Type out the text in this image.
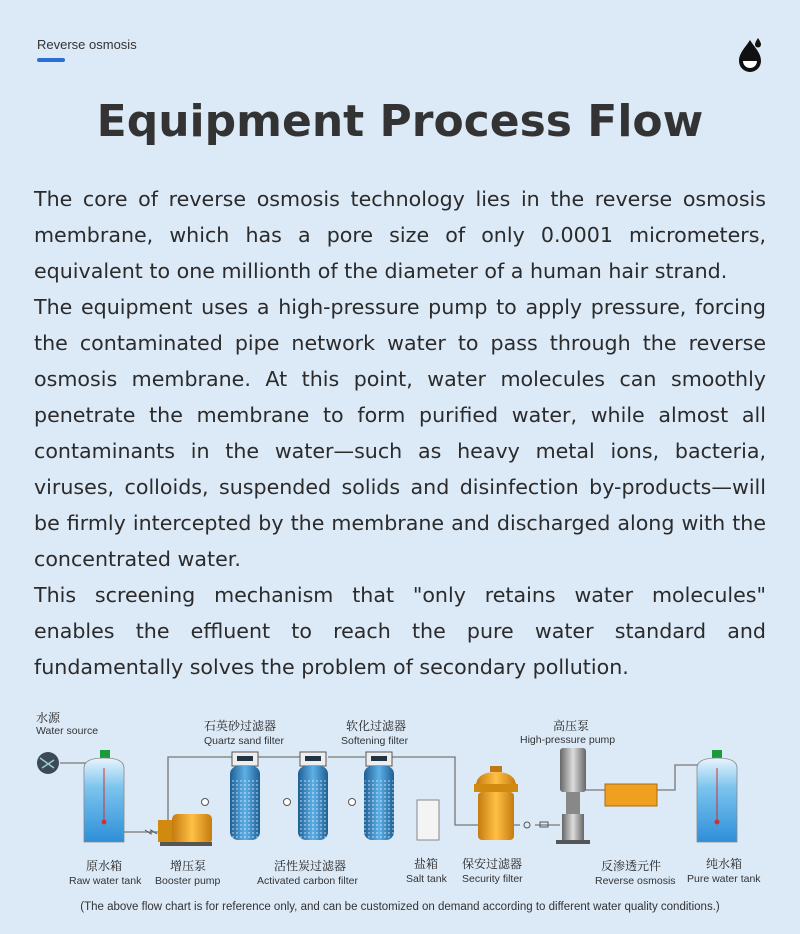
Reverse osmosis
Equipment Process Flow

The core of reverse osmosis technology lies in the reverse osmosis membrane, which has a pore size of only 0.0001 micrometers, equivalent to one millionth of the diameter of a human hair strand.

The equipment uses a high-pressure pump to apply pressure, forcing the contaminated pipe network water to pass through the reverse osmosis membrane. At this point, water molecules can smoothly penetrate the membrane to form purified water, while almost all contaminants in the water—such as heavy metal ions, bacteria, viruses, colloids, suspended solids and disinfection by-products—will be firmly intercepted by the membrane and discharged along with the concentrated water.

This screening mechanism that "only retains water molecules" enables the effluent to reach the pure water standard and fundamentally solves the problem of secondary pollution.

水源
Water source
原水箱
Raw water tank
增压泵
Booster pump
石英砂过滤器
Quartz sand filter
软化过滤器
Softening filter
活性炭过滤器
Activated carbon filter
盐箱
Salt tank
保安过滤器
Security filter
高压泵
High-pressure pump
反渗透元件
Reverse osmosis
纯水箱
Pure water tank
(The above flow chart is for reference only, and can be customized on demand according to different water quality conditions.)
